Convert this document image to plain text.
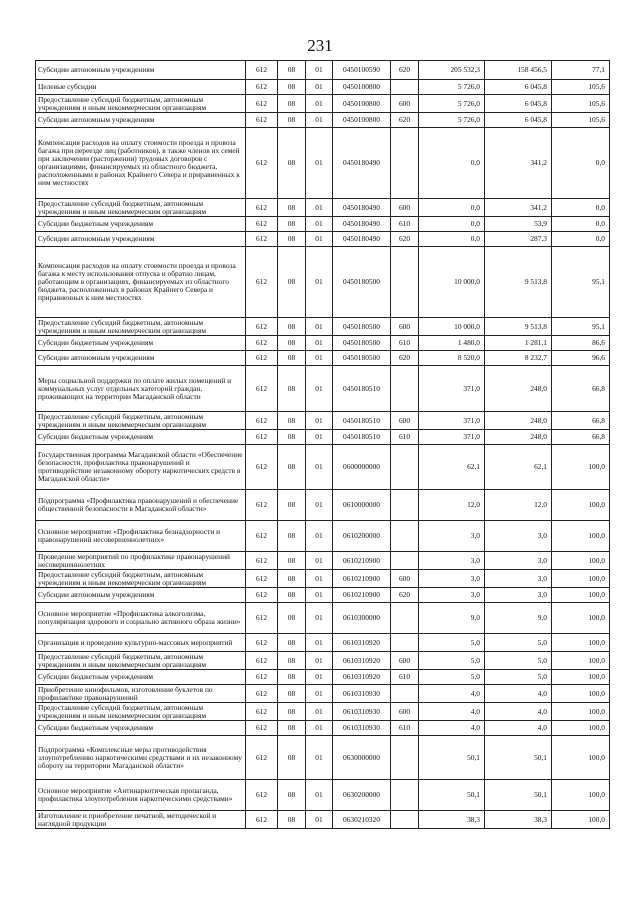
231
Субсидии автономным учреждениям	612	08	01	0450100590	620	205 532,3	158 456,5	77,1
Целевые субсидии	612	08	01	0450100800		5 726,0	6 045,8	105,6
Предоставление субсидий бюджетным, автономным учреждениям и иным некоммерческим организациям	612	08	01	0450100800	600	5 726,0	6 045,8	105,6
Субсидии автономным учреждениям	612	08	01	0450100800	620	5 726,0	6 045,8	105,6
Компенсация расходов на оплату стоимости проезда и провоза багажа при переезде лиц (работников), в также членов их семей при заключении (расторжении) трудовых договоров с организациями, финансируемых из областного бюджета, расположенными в районах Крайнего Севера и приравненных к ним местностях	612	08	01	0450180490		0,0	341,2	0,0
Предоставление субсидий бюджетным, автономным учреждениям и иным некоммерческим организациям	612	08	01	0450180490	600	0,0	341,2	0,0
Субсидии бюджетным учреждениям	612	08	01	0450180490	610	0,0	53,9	0,0
Субсидии автономным учреждениям	612	08	01	0450180490	620	0,0	287,3	0,0
Компенсация расходов на оплату стоимости проезда и провоза багажа к месту использования отпуска и обратно лицам, работающим в организациях, финансируемых из областного бюджета, расположенных в районах Крайнего Севера и приравненных к ним местностях	612	08	01	0450180500		10 000,0	9 513,8	95,1
Предоставление субсидий бюджетным, автономным учреждениям и иным некоммерческим организациям	612	08	01	0450180500	600	10 000,0	9 513,8	95,1
Субсидии бюджетным учреждениям	612	08	01	0450180500	610	1 480,0	1 281,1	86,6
Субсидии автономным учреждениям	612	08	01	0450180500	620	8 520,0	8 232,7	96,6
Меры социальной поддержки по оплате жилых помещений и коммунальных услуг отдельных категорий граждан, проживающих на территории Магаданской области	612	08	01	0450180510		371,0	248,0	66,8
Предоставление субсидий бюджетным, автономным учреждениям и иным некоммерческим организациям	612	08	01	0450180510	600	371,0	248,0	66,8
Субсидии бюджетным учреждениям	612	08	01	0450180510	610	371,0	248,0	66,8
Государственная программа Магаданской области «Обеспечение безопасности, профилактика правонарушений и противодействие незаконному обороту наркотических средств в Магаданской области»	612	08	01	0600000000		62,1	62,1	100,0
Подпрограмма «Профилактика правонарушений и обеспечение общественной безопасности в Магаданской области»	612	08	01	0610000000		12,0	12,0	100,0
Основное мероприятие «Профилактика безнадзорности и правонарушений несовершеннолетних»	612	08	01	0610200000		3,0	3,0	100,0
Проведение мероприятий по профилактике правонарушений несовершеннолетних	612	08	01	0610210900		3,0	3,0	100,0
Предоставление субсидий бюджетным, автономным учреждениям и иным некоммерческим организациям	612	08	01	0610210900	600	3,0	3,0	100,0
Субсидии автономным учреждениям	612	08	01	0610210900	620	3,0	3,0	100,0
Основное мероприятие «Профилактика алкоголизма, популяризация здорового и социально активного образа жизни»	612	08	01	0610300000		9,0	9,0	100,0
Организация и проведение культурно-массовых мероприятий	612	08	01	0610310920		5,0	5,0	100,0
Предоставление субсидий бюджетным, автономным учреждениям и иным некоммерческим организациям	612	08	01	0610310920	600	5,0	5,0	100,0
Субсидии бюджетным учреждениям	612	08	01	0610310920	610	5,0	5,0	100,0
Приобретение кинофильмов, изготовление буклетов по профилактике правонарушений	612	08	01	0610310930		4,0	4,0	100,0
Предоставление субсидий бюджетным, автономным учреждениям и иным некоммерческим организациям	612	08	01	0610310930	600	4,0	4,0	100,0
Субсидии бюджетным учреждениям	612	08	01	0610310930	610	4,0	4,0	100,0
Подпрограмма «Комплексные меры противодействия злоупотреблению наркотическими средствами и их незаконному обороту на территории Магаданской области»	612	08	01	0630000000		50,1	50,1	100,0
Основное мероприятие «Антинаркотическая пропаганда, профилактика злоупотребления наркотическими средствами»	612	08	01	0630200000		50,1	50,1	100,0
Изготовление и приобретение печатной, методической и наглядной продукции	612	08	01	0630210320		38,3	38,3	100,0
